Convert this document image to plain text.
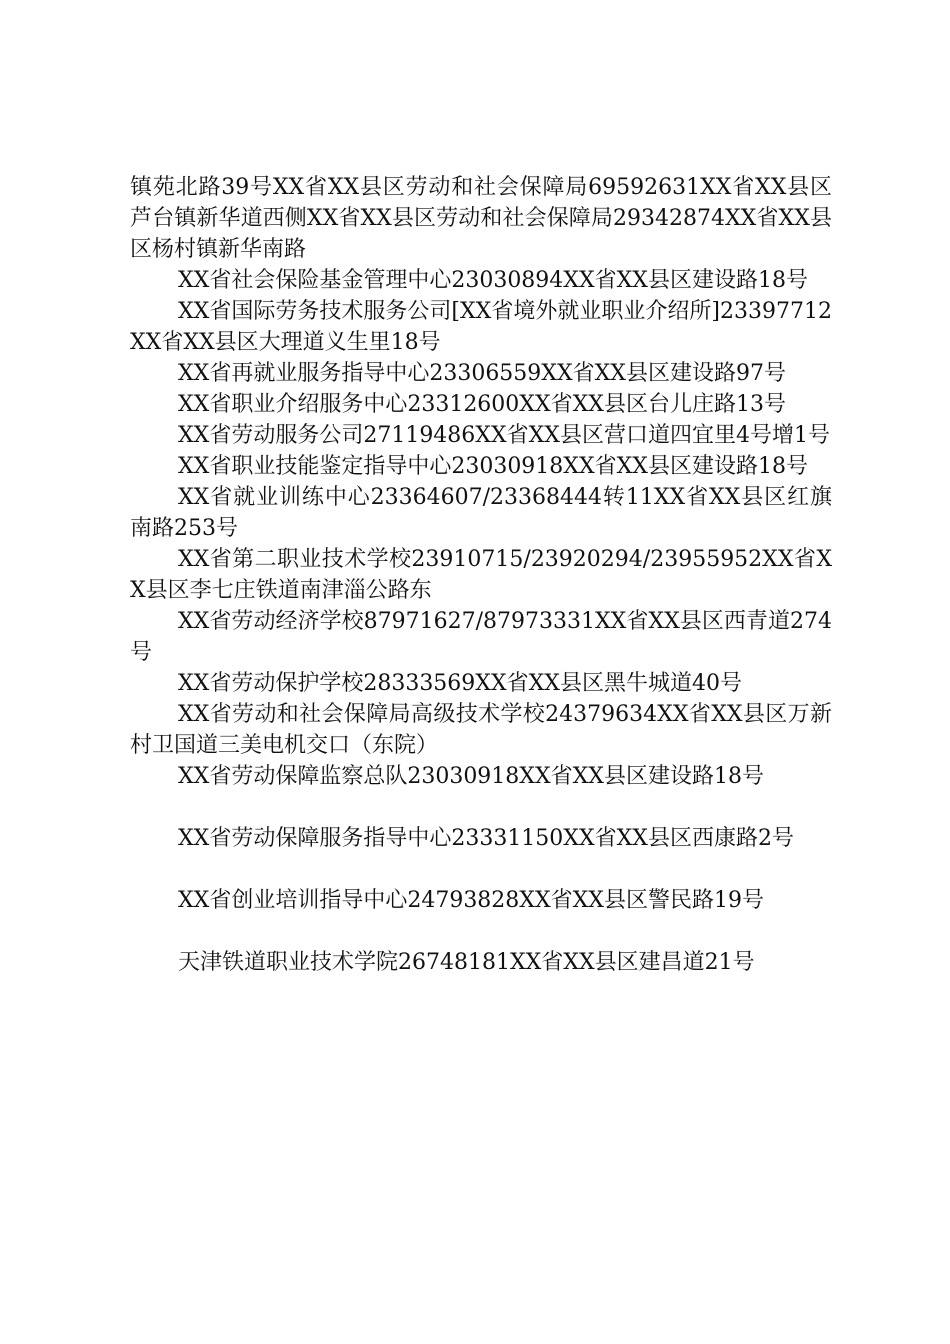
镇苑北路39号XX省XX县区劳动和社会保障局69592631XX省XX县区芦台镇新华道西侧XX省XX县区劳动和社会保障局29342874XX省XX县区杨村镇新华南路

XX省社会保险基金管理中心23030894XX省XX县区建设路18号

XX省国际劳务技术服务公司[XX省境外就业职业介绍所]23397712XX省XX县区大理道义生里18号

XX省再就业服务指导中心23306559XX省XX县区建设路97号

XX省职业介绍服务中心23312600XX省XX县区台儿庄路13号

XX省劳动服务公司27119486XX省XX县区营口道四宜里4号增1号

XX省职业技能鉴定指导中心23030918XX省XX县区建设路18号

XX省就业训练中心23364607/23368444转11XX省XX县区红旗南路253号

XX省第二职业技术学校23910715/23920294/23955952XX省XX县区李七庄铁道南津淄公路东

XX省劳动经济学校87971627/87973331XX省XX县区西青道274号

XX省劳动保护学校28333569XX省XX县区黑牛城道40号

XX省劳动和社会保障局高级技术学校24379634XX省XX县区万新村卫国道三美电机交口（东院）

XX省劳动保障监察总队23030918XX省XX县区建设路18号

XX省劳动保障服务指导中心23331150XX省XX县区西康路2号

XX省创业培训指导中心24793828XX省XX县区警民路19号

天津铁道职业技术学院26748181XX省XX县区建昌道21号
